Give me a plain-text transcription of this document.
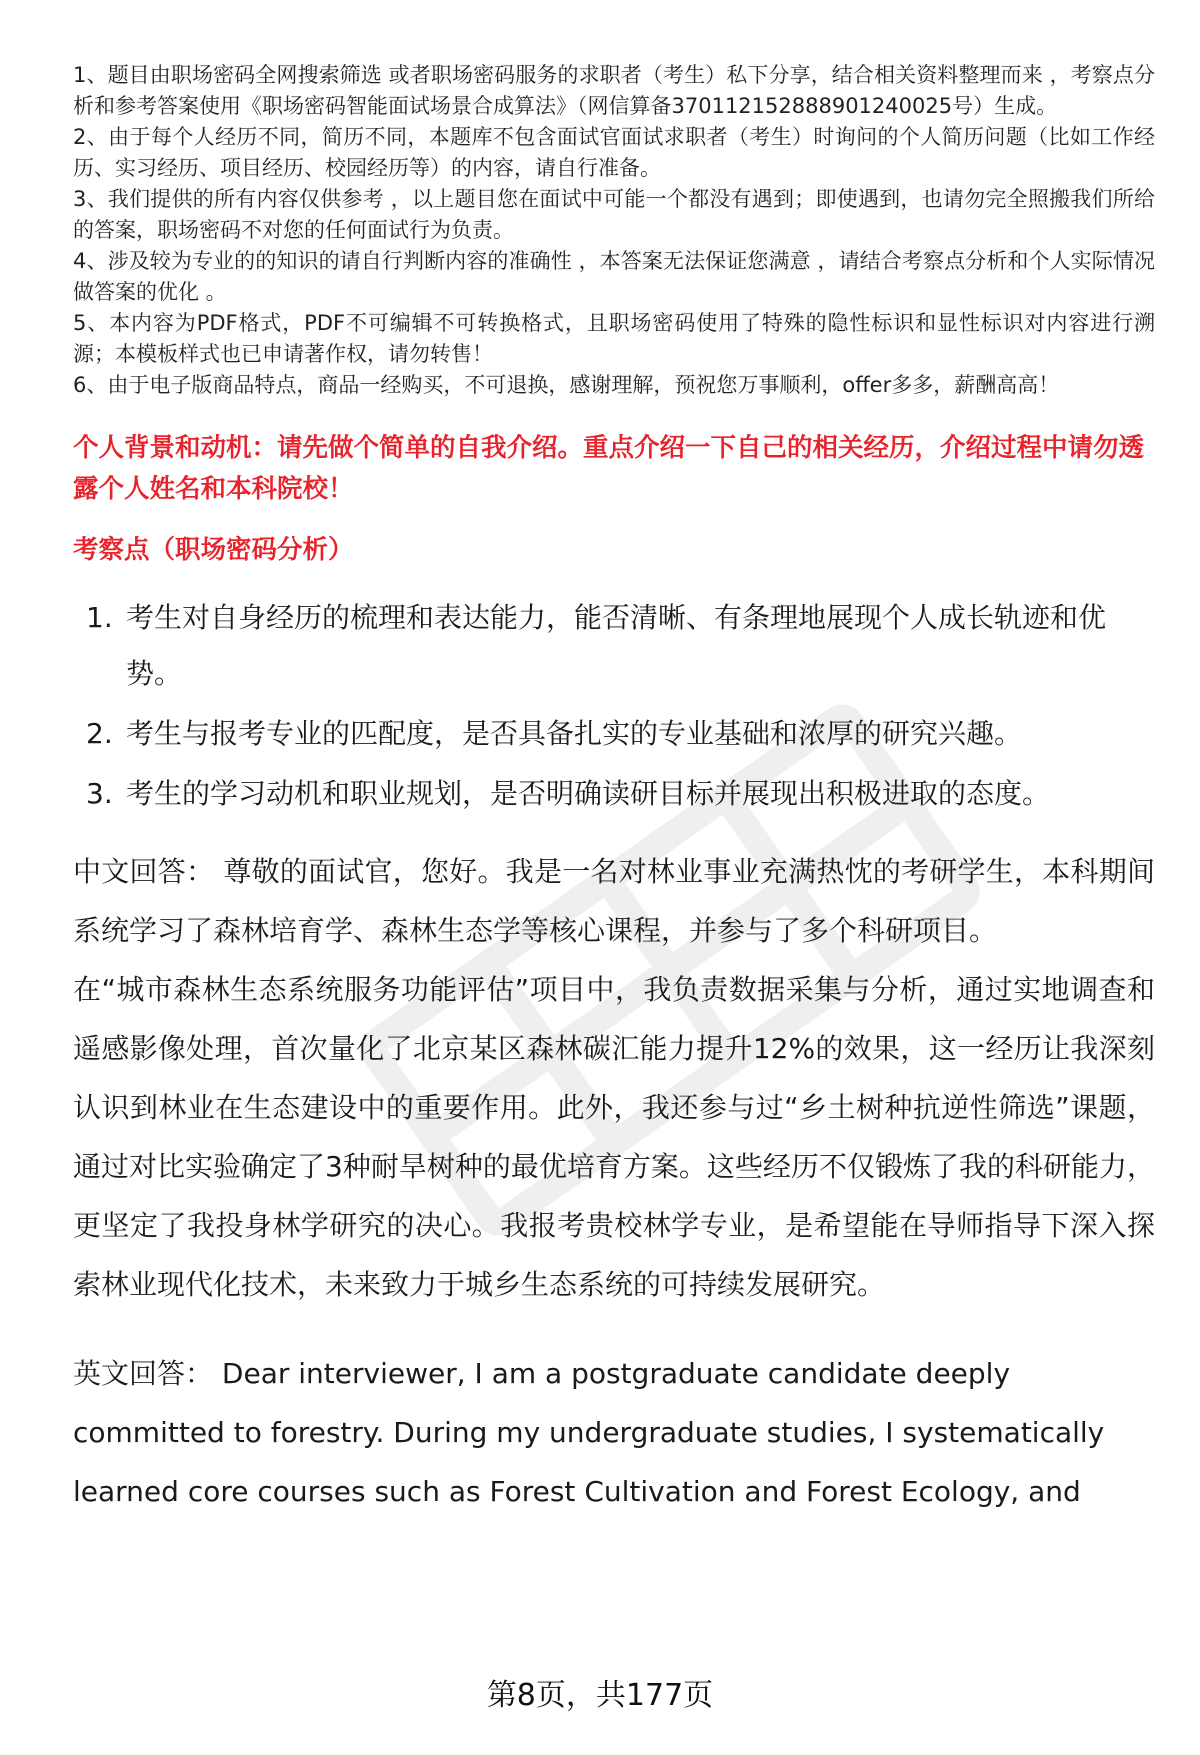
1、题目由职场密码全网搜索筛选 或者职场密码服务的求职者（考生）私下分享，结合相关资料整理而来 ，考察点分析和参考答案使用《职场密码智能面试场景合成算法》（网信算备370112152888901240025号）生成。

2、由于每个人经历不同，简历不同，本题库不包含面试官面试求职者（考生）时询问的个人简历问题（比如工作经历、实习经历、项目经历、校园经历等）的内容，请自行准备。

3、我们提供的所有内容仅供参考 ，以上题目您在面试中可能一个都没有遇到；即使遇到，也请勿完全照搬我们所给的答案，职场密码不对您的任何面试行为负责。

4、涉及较为专业的的知识的请自行判断内容的准确性 ，本答案无法保证您满意 ，请结合考察点分析和个人实际情况做答案的优化 。

5、本内容为PDF格式，PDF不可编辑不可转换格式，且职场密码使用了特殊的隐性标识和显性标识对内容进行溯源；本模板样式也已申请著作权，请勿转售！

6、由于电子版商品特点，商品一经购买，不可退换，感谢理解，预祝您万事顺利，offer多多，薪酬高高！

个人背景和动机：请先做个简单的自我介绍。重点介绍一下自己的相关经历，介绍过程中请勿透露个人姓名和本科院校！
考察点（职场密码分析）
1. 考生对自身经历的梳理和表达能力，能否清晰、有条理地展现个人成长轨迹和优势。
2. 考生与报考专业的匹配度，是否具备扎实的专业基础和浓厚的研究兴趣。
3. 考生的学习动机和职业规划，是否明确读研目标并展现出积极进取的态度。

中文回答： 尊敬的面试官，您好。我是一名对林业事业充满热忱的考研学生，本科期间系统学习了森林培育学、森林生态学等核心课程，并参与了多个科研项目。

在“城市森林生态系统服务功能评估”项目中，我负责数据采集与分析，通过实地调查和遥感影像处理，首次量化了北京某区森林碳汇能力提升12%的效果，这一经历让我深刻认识到林业在生态建设中的重要作用。此外，我还参与过“乡土树种抗逆性筛选”课题，通过对比实验确定了3种耐旱树种的最优培育方案。这些经历不仅锻炼了我的科研能力，更坚定了我投身林学研究的决心。我报考贵校林学专业，是希望能在导师指导下深入探索林业现代化技术，未来致力于城乡生态系统的可持续发展研究。

英文回答： Dear interviewer, I am a postgraduate candidate deeply committed to forestry. During my undergraduate studies, I systematically learned core courses such as Forest Cultivation and Forest Ecology, and

第8页，共177页
